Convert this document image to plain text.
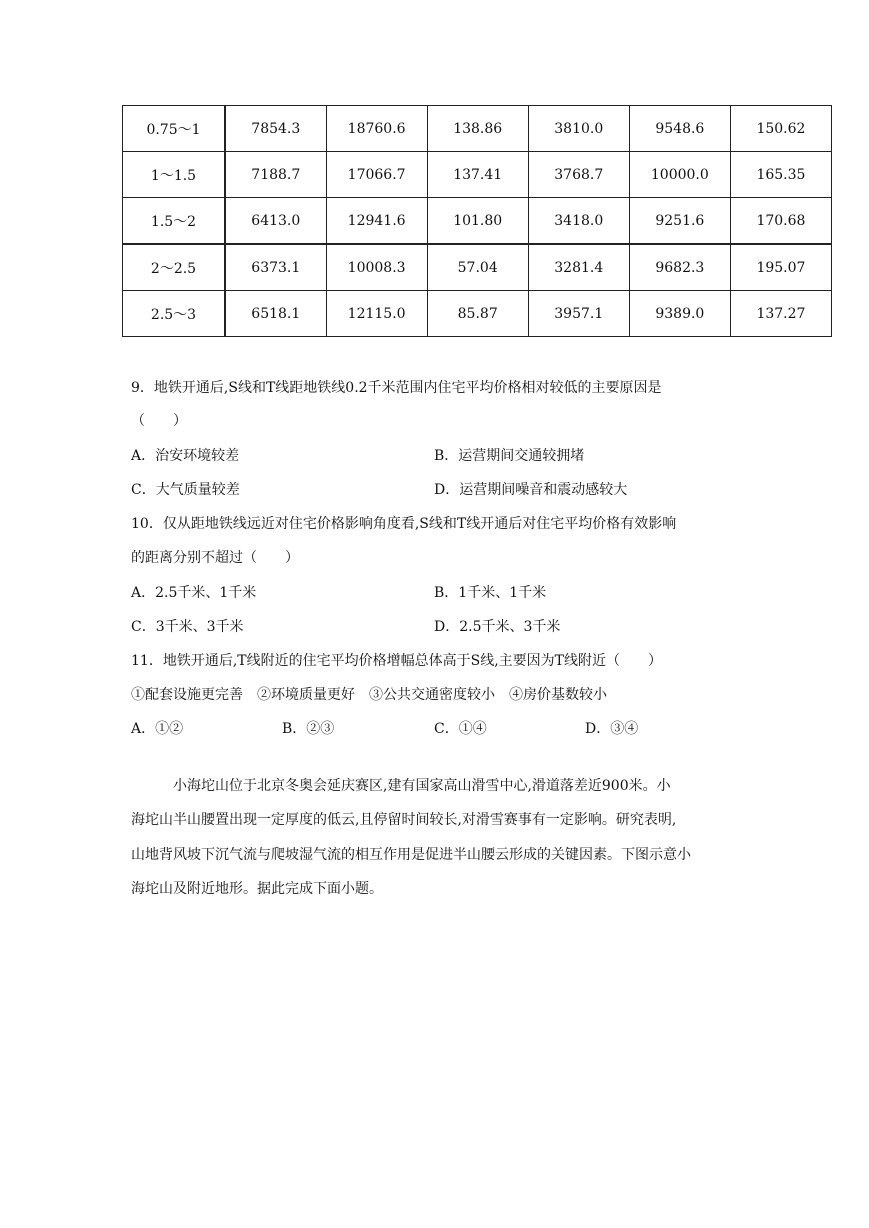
0.75～1	7854.3	18760.6	138.86	3810.0	9548.6	150.62
1～1.5	7188.7	17066.7	137.41	3768.7	10000.0	165.35
1.5～2	6413.0	12941.6	101.80	3418.0	9251.6	170.68
2～2.5	6373.1	10008.3	57.04	3281.4	9682.3	195.07
2.5～3	6518.1	12115.0	85.87	3957.1	9389.0	137.27
9．地铁开通后,S线和T线距地铁线0.2千米范围内住宅平均价格相对较低的主要原因是
（　　）
A．治安环境较差	B．运营期间交通较拥堵
C．大气质量较差	D．运营期间噪音和震动感较大
10．仅从距地铁线远近对住宅价格影响角度看,S线和T线开通后对住宅平均价格有效影响
的距离分别不超过（　　）
A．2.5千米、1千米	B．1千米、1千米
C．3千米、3千米	D．2.5千米、3千米
11．地铁开通后,T线附近的住宅平均价格增幅总体高于S线,主要因为T线附近（　　）
①配套设施更完善　②环境质量更好　③公共交通密度较小　④房价基数较小
A．①②	B．②③	C．①④	D．③④
　　　小海坨山位于北京冬奥会延庆赛区,建有国家高山滑雪中心,滑道落差近900米。小
海坨山半山腰置出现一定厚度的低云,且停留时间较长,对滑雪赛事有一定影响。研究表明,
山地背风坡下沉气流与爬坡湿气流的相互作用是促进半山腰云形成的关键因素。下图示意小
海坨山及附近地形。据此完成下面小题。
